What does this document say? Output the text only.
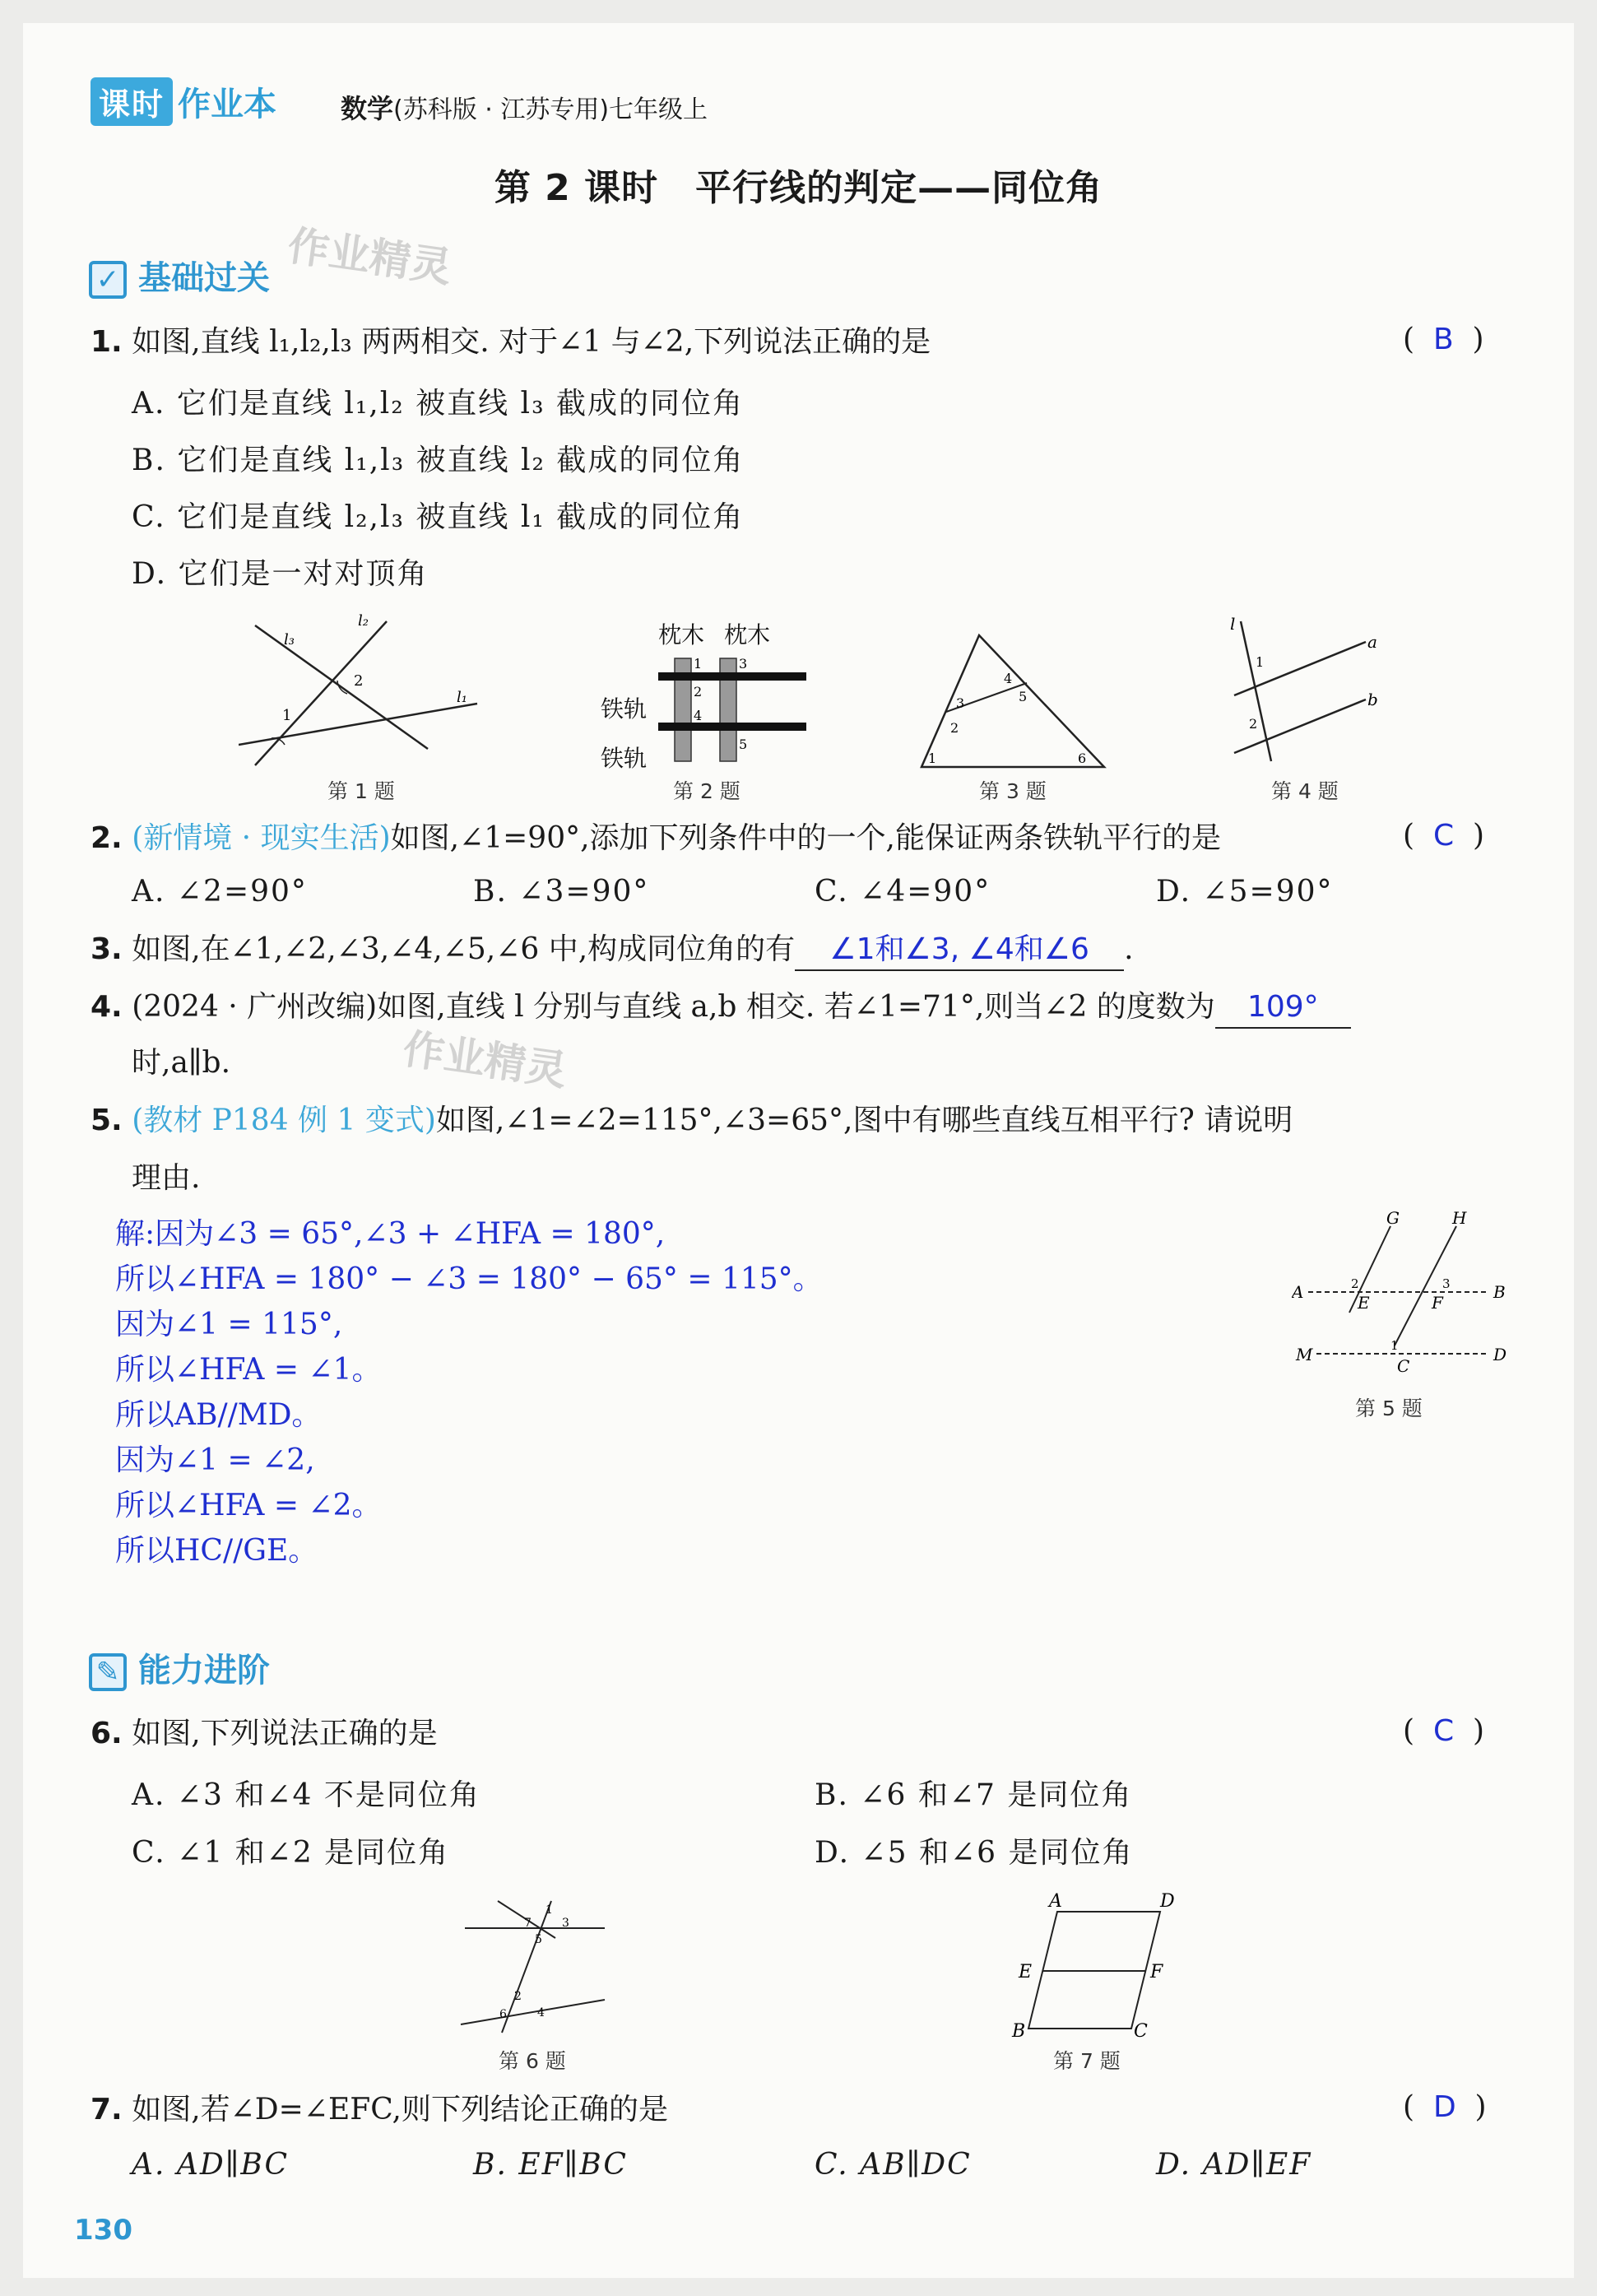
课时 作业本 数学(苏科版 · 江苏专用)七年级上
第 2 课时　平行线的判定——同位角
✓ 基础过关 作业精灵
1. 如图,直线 l₁,l₂,l₃ 两两相交. 对于∠1 与∠2,下列说法正确的是	(  B  )
A. 它们是直线 l₁,l₂ 被直线 l₃ 截成的同位角
B. 它们是直线 l₁,l₃ 被直线 l₂ 截成的同位角
C. 它们是直线 l₂,l₃ 被直线 l₁ 截成的同位角
D. 它们是一对对顶角
1
2
l₃
l₂
l₁
第 1 题
1
2
3
4
5
枕木 枕木
铁轨
铁轨
第 2 题
1
2
3
4
5
6
第 3 题
l
a
b
1
2
第 4 题
2. (新情境 · 现实生活)如图,∠1=90°,添加下列条件中的一个,能保证两条铁轨平行的是	(  C  )
A. ∠2=90°	B. ∠3=90°	C. ∠4=90°	D. ∠5=90°
3. 如图,在∠1,∠2,∠3,∠4,∠5,∠6 中,构成同位角的有 ∠1和∠3, ∠4和∠6 .
4. (2024 · 广州改编)如图,直线 l 分别与直线 a,b 相交. 若∠1=71°,则当∠2 的度数为 109°
时,a∥b.	作业精灵
5. (教材 P184 例 1 变式)如图,∠1=∠2=115°,∠3=65°,图中有哪些直线互相平行? 请说明
理由.
解:因为∠3 = 65°,∠3 + ∠HFA = 180°,
所以∠HFA = 180° − ∠3 = 180° − 65° = 115°。
因为∠1 = 115°,
所以∠HFA = ∠1。
所以AB//MD。
因为∠1 = ∠2,
所以∠HFA = ∠2。
所以HC//GE。
A	B
M	D
G	H
E	F
C
2	3
1
第 5 题
✎ 能力进阶
6. 如图,下列说法正确的是	(  C  )
A. ∠3 和∠4 不是同位角	B. ∠6 和∠7 是同位角
C. ∠1 和∠2 是同位角	D. ∠5 和∠6 是同位角
1
3
7
5
2
6	4
第 6 题
A	D
E	F
B	C
第 7 题
7. 如图,若∠D=∠EFC,则下列结论正确的是	(  D  )
A. AD∥BC	B. EF∥BC	C. AB∥DC	D. AD∥EF
130
